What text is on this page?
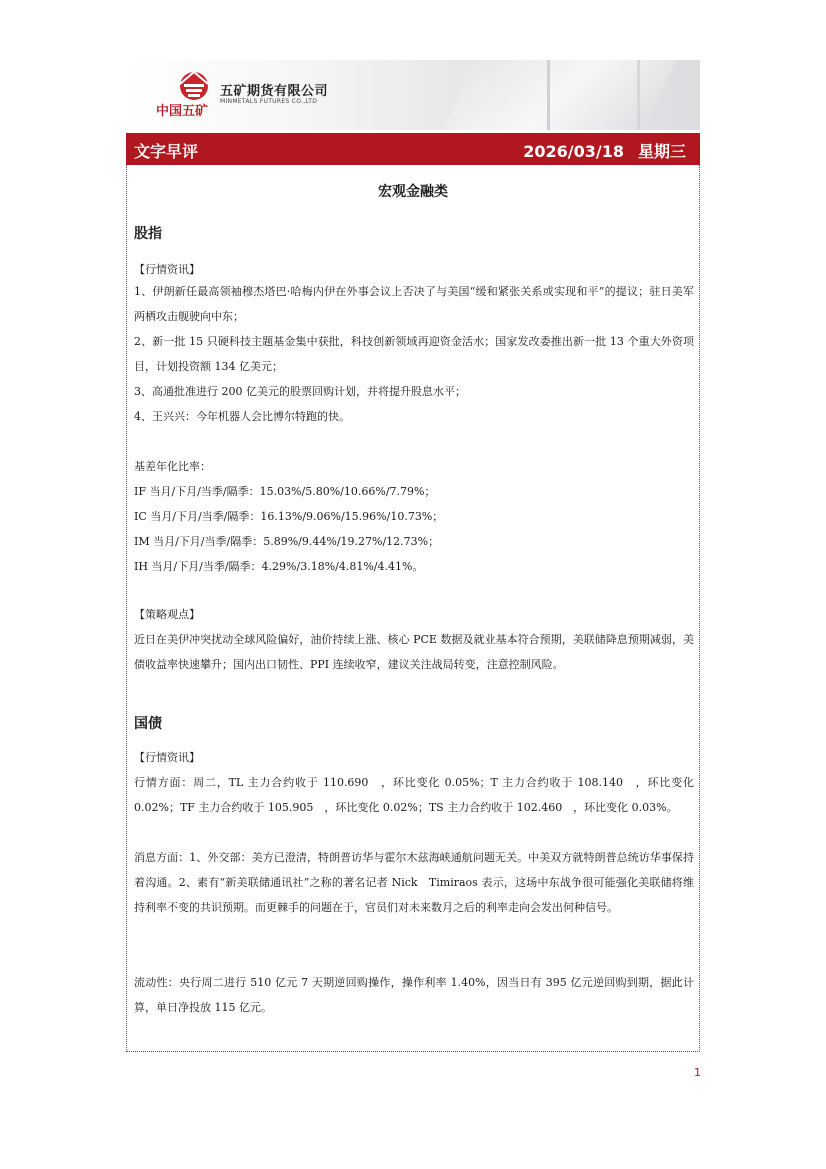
中国五矿
五矿期货有限公司
MINMETALS FUTURES CO.,LTD
文字早评	2026/03/18 星期三
宏观金融类
股指
【行情资讯】
1、伊朗新任最高领袖穆杰塔巴·哈梅内伊在外事会议上否决了与美国“缓和紧张关系或实现和平”的提议；驻日美军两栖攻击舰驶向中东；
2、新一批 15 只硬科技主题基金集中获批，科技创新领域再迎资金活水；国家发改委推出新一批 13 个重大外资项目，计划投资额 134 亿美元；
3、高通批准进行 200 亿美元的股票回购计划，并将提升股息水平；
4、王兴兴：今年机器人会比博尔特跑的快。
基差年化比率：
IF 当月/下月/当季/隔季：15.03%/5.80%/10.66%/7.79%；
IC 当月/下月/当季/隔季：16.13%/9.06%/15.96%/10.73%；
IM 当月/下月/当季/隔季：5.89%/9.44%/19.27%/12.73%；
IH 当月/下月/当季/隔季：4.29%/3.18%/4.81%/4.41%。
【策略观点】
近日在美伊冲突扰动全球风险偏好，油价持续上涨、核心 PCE 数据及就业基本符合预期，美联储降息预期减弱，美债收益率快速攀升；国内出口韧性、PPI 连续收窄，建议关注战局转变，注意控制风险。
国债
【行情资讯】
行情方面：周二，TL 主力合约收于 110.690　，环比变化 0.05%；T 主力合约收于 108.140　，环比变化 0.02%；TF 主力合约收于 105.905　，环比变化 0.02%；TS 主力合约收于 102.460　，环比变化 0.03%。
消息方面：1、外交部：美方已澄清，特朗普访华与霍尔木兹海峡通航问题无关。中美双方就特朗普总统访华事保持着沟通。2、素有“新美联储通讯社”之称的著名记者 Nick　Timiraos 表示，这场中东战争很可能强化美联储将维持利率不变的共识预期。而更棘手的问题在于，官员们对未来数月之后的利率走向会发出何种信号。
流动性：央行周二进行 510 亿元 7 天期逆回购操作，操作利率 1.40%，因当日有 395 亿元逆回购到期，据此计算，单日净投放 115 亿元。
1
